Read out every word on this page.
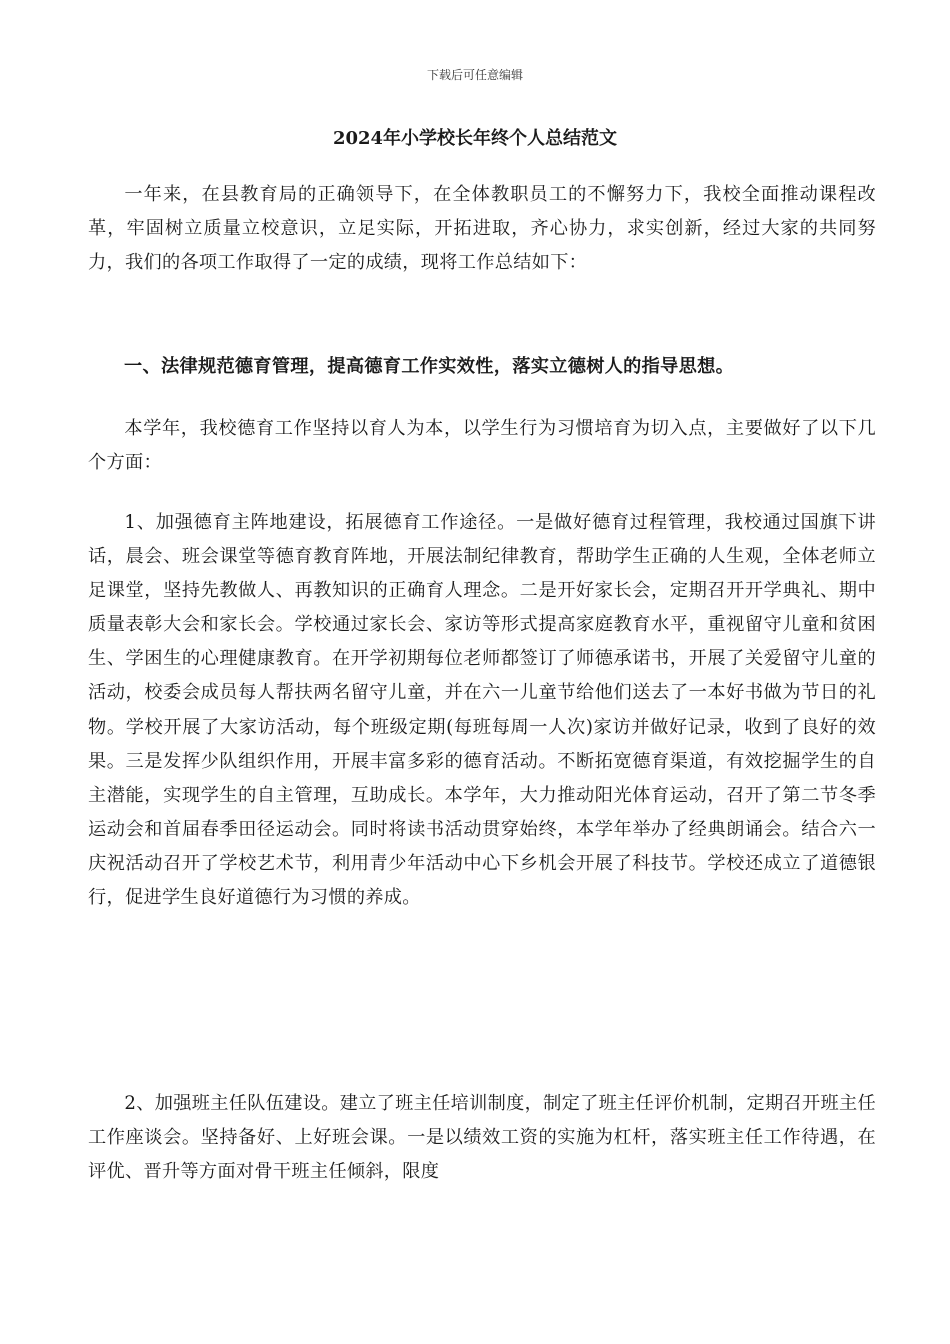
下载后可任意编辑
2024年小学校长年终个人总结范文

一年来，在县教育局的正确领导下，在全体教职员工的不懈努力下，我校全面推动课程改革，牢固树立质量立校意识，立足实际，开拓进取，齐心协力，求实创新，经过大家的共同努力，我们的各项工作取得了一定的成绩，现将工作总结如下：

一、法律规范德育管理，提高德育工作实效性，落实立德树人的指导思想。

本学年，我校德育工作坚持以育人为本，以学生行为习惯培育为切入点，主要做好了以下几个方面：

1、加强德育主阵地建设，拓展德育工作途径。一是做好德育过程管理，我校通过国旗下讲话，晨会、班会课堂等德育教育阵地，开展法制纪律教育，帮助学生正确的人生观，全体老师立足课堂，坚持先教做人、再教知识的正确育人理念。二是开好家长会，定期召开开学典礼、期中质量表彰大会和家长会。学校通过家长会、家访等形式提高家庭教育水平，重视留守儿童和贫困生、学困生的心理健康教育。在开学初期每位老师都签订了师德承诺书，开展了关爱留守儿童的活动，校委会成员每人帮扶两名留守儿童，并在六一儿童节给他们送去了一本好书做为节日的礼物。学校开展了大家访活动，每个班级定期(每班每周一人次)家访并做好记录，收到了良好的效果。三是发挥少队组织作用，开展丰富多彩的德育活动。不断拓宽德育渠道，有效挖掘学生的自主潜能，实现学生的自主管理，互助成长。本学年，大力推动阳光体育运动，召开了第二节冬季运动会和首届春季田径运动会。同时将读书活动贯穿始终，本学年举办了经典朗诵会。结合六一庆祝活动召开了学校艺术节，利用青少年活动中心下乡机会开展了科技节。学校还成立了道德银行，促进学生良好道德行为习惯的养成。

2、加强班主任队伍建设。建立了班主任培训制度，制定了班主任评价机制，定期召开班主任工作座谈会。坚持备好、上好班会课。一是以绩效工资的实施为杠杆，落实班主任工作待遇，在评优、晋升等方面对骨干班主任倾斜，限度
